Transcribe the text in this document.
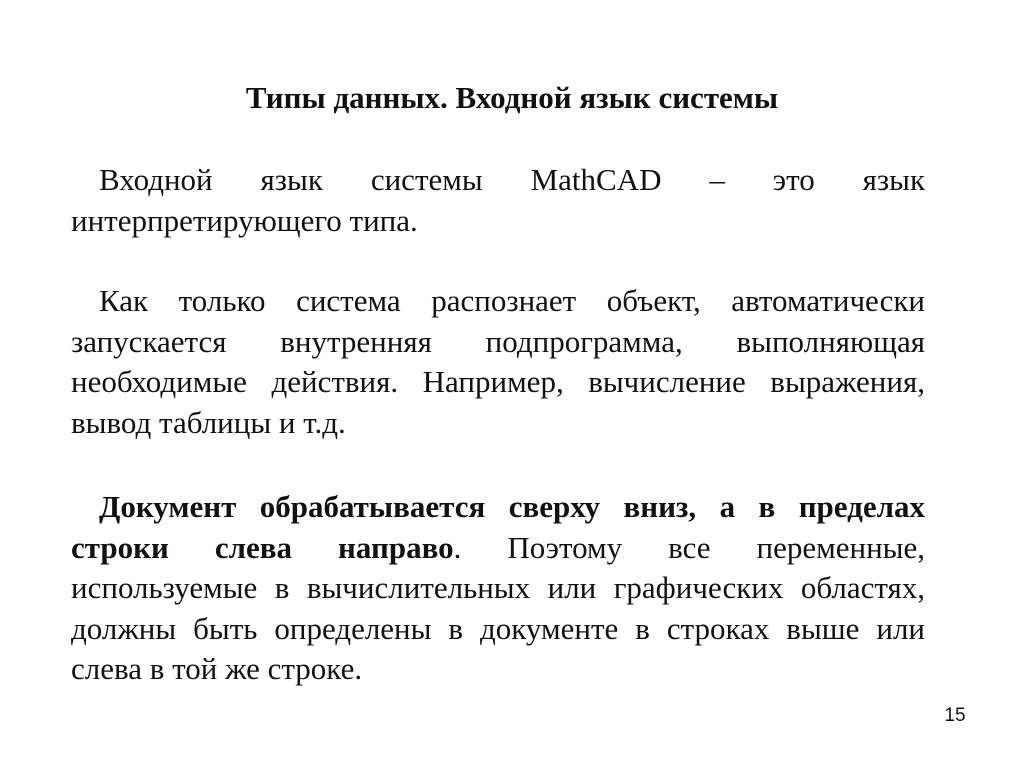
Типы данных. Входной язык системы

Входной язык системы MathCAD – это язык интерпретирующего типа.

Как только система распознает объект, автоматически запускается внутренняя подпрограмма, выполняющая необходимые действия. Например, вычисление выражения, вывод таблицы и т.д.

Документ обрабатывается сверху вниз, а в пределах строки слева направо. Поэтому все переменные, используемые в вычислительных или графических областях, должны быть определены в документе в строках выше или слева в той же строке.

15
